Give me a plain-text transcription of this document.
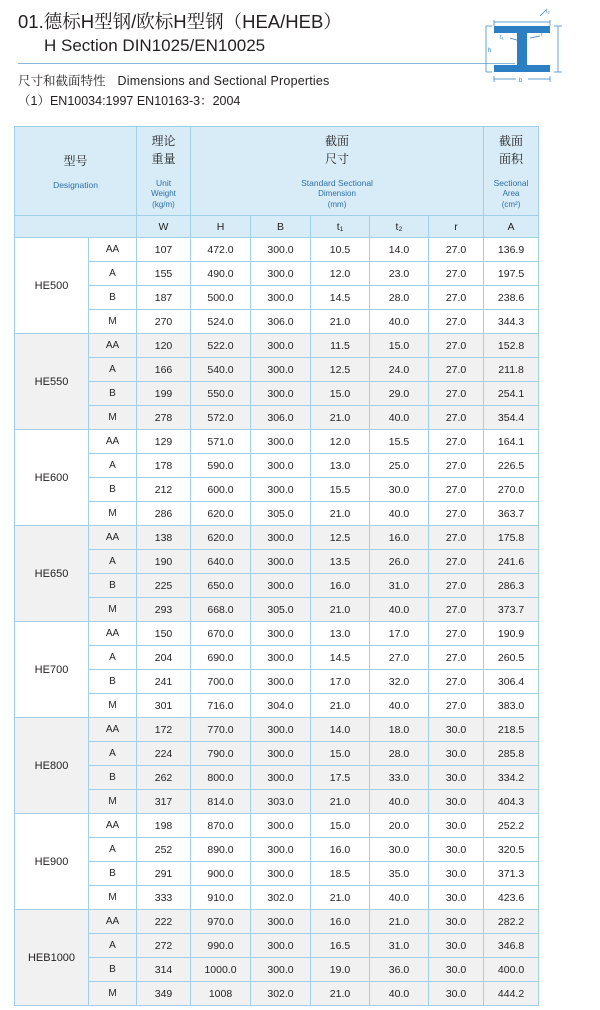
01.德标H型钢/欧标H型钢（HEA/HEB）
H Section DIN1025/EN10025
尺寸和截面特性 Dimensions and Sectional Properties
（1）EN10034:1997 EN10163-3：2004
t₂
t₁	r
h
b
型号
Designation

理论
重量
Unit
Weight
(kg/m)

截面
尺寸
Standard Sectional
Dimension
(mm)

截面
面积
Sectional
Area
(cm²)

		W	H	B	t₁	t₂	r	A
HE500	AA	107	472.0	300.0	10.5	14.0	27.0	136.9
	A	155	490.0	300.0	12.0	23.0	27.0	197.5
	B	187	500.0	300.0	14.5	28.0	27.0	238.6
	M	270	524.0	306.0	21.0	40.0	27.0	344.3
HE550	AA	120	522.0	300.0	11.5	15.0	27.0	152.8
	A	166	540.0	300.0	12.5	24.0	27.0	211.8
	B	199	550.0	300.0	15.0	29.0	27.0	254.1
	M	278	572.0	306.0	21.0	40.0	27.0	354.4
HE600	AA	129	571.0	300.0	12.0	15.5	27.0	164.1
	A	178	590.0	300.0	13.0	25.0	27.0	226.5
	B	212	600.0	300.0	15.5	30.0	27.0	270.0
	M	286	620.0	305.0	21.0	40.0	27.0	363.7
HE650	AA	138	620.0	300.0	12.5	16.0	27.0	175.8
	A	190	640.0	300.0	13.5	26.0	27.0	241.6
	B	225	650.0	300.0	16.0	31.0	27.0	286.3
	M	293	668.0	305.0	21.0	40.0	27.0	373.7
HE700	AA	150	670.0	300.0	13.0	17.0	27.0	190.9
	A	204	690.0	300.0	14.5	27.0	27.0	260.5
	B	241	700.0	300.0	17.0	32.0	27.0	306.4
	M	301	716.0	304.0	21.0	40.0	27.0	383.0
HE800	AA	172	770.0	300.0	14.0	18.0	30.0	218.5
	A	224	790.0	300.0	15.0	28.0	30.0	285.8
	B	262	800.0	300.0	17.5	33.0	30.0	334.2
	M	317	814.0	303.0	21.0	40.0	30.0	404.3
HE900	AA	198	870.0	300.0	15.0	20.0	30.0	252.2
	A	252	890.0	300.0	16.0	30.0	30.0	320.5
	B	291	900.0	300.0	18.5	35.0	30.0	371.3
	M	333	910.0	302.0	21.0	40.0	30.0	423.6
HEB1000	AA	222	970.0	300.0	16.0	21.0	30.0	282.2
	A	272	990.0	300.0	16.5	31.0	30.0	346.8
	B	314	1000.0	300.0	19.0	36.0	30.0	400.0
	M	349	1008	302.0	21.0	40.0	30.0	444.2
